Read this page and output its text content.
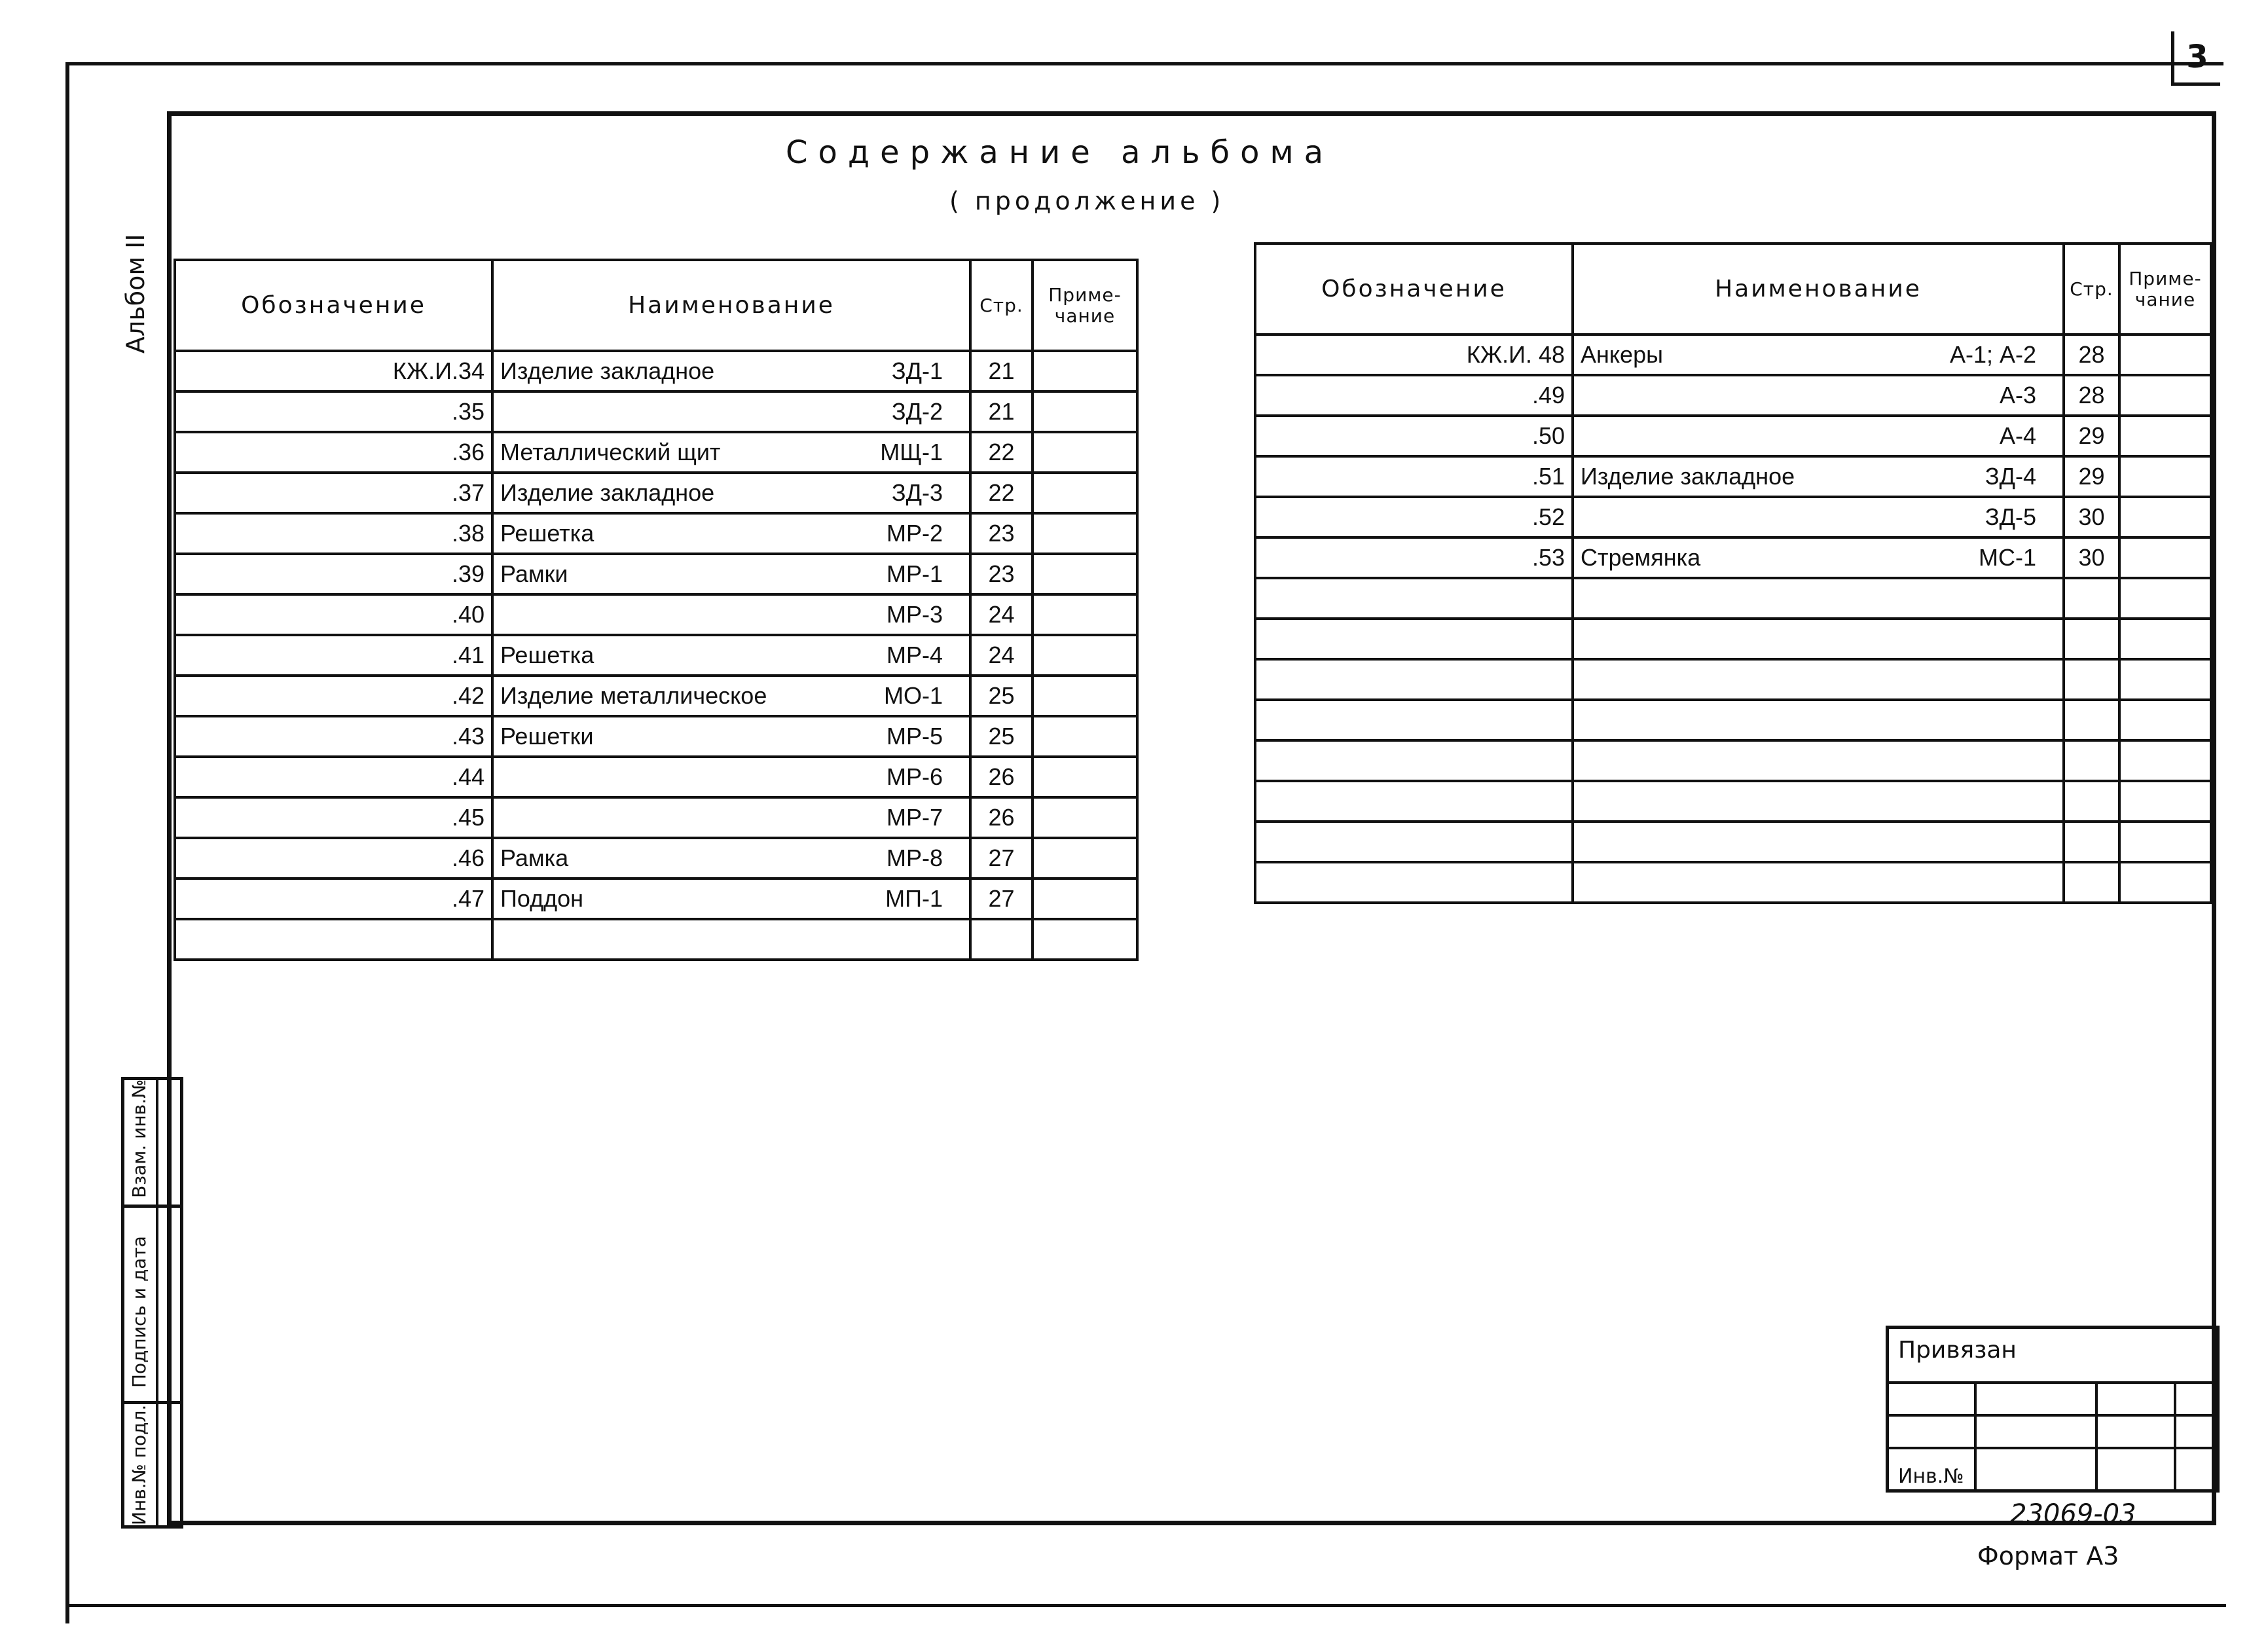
3
Содержание альбома
( продолжение )
Альбом II	Обозначение	Наименование	Стр.	Приме-чание
КЖ.И.34	Изделие закладное ЗД-1	21	
.35	ЗД-2	21	
.36	Металлический щит МЩ-1	22	
.37	Изделие закладное ЗД-3	22	
.38	Решетка МР-2	23	
.39	Рамки МР-1	23	
.40	МР-3	24	
.41	Решетка МР-4	24	
.42	Изделие металлическое МО-1	25	
.43	Решетки МР-5	25	
.44	МР-6	26	
.45	МР-7	26	
.46	Рамка МР-8	27	
.47	Поддон МП-1	27	

Обозначение	Наименование	Стр.	Приме-чание
КЖ.И. 48	Анкеры А-1; А-2	28	
.49	А-3	28	
.50	А-4	29	
.51	Изделие закладное ЗД-4	29	
.52	ЗД-5	30	
.53	Стремянка МС-1	30	

Взам. инв.№
Подпись и дата
Инв.№ подл.
Привязан
Инв.№
23069-03
Формат А3
